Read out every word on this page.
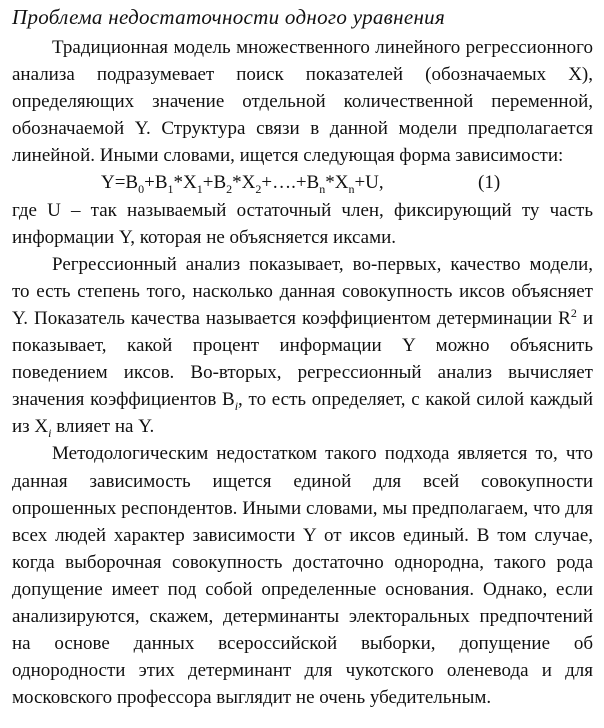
Проблема недостаточности одного уравнения

Традиционная модель множественного линейного регрессионного анализа подразумевает поиск показателей (обозначаемых X), определяющих значение отдельной количественной переменной, обозначаемой Y. Структура связи в данной модели предполагается линейной. Иными словами, ищется следующая форма зависимости:

$Y=B_0+B_1*X_1+B_2*X_2+\dots.+B_n*X_n+U$,	(1)

где U – так называемый остаточный член, фиксирующий ту часть информации Y, которая не объясняется иксами.

Регрессионный анализ показывает, во-первых, качество модели, то есть степень того, насколько данная совокупность иксов объясняет Y. Показатель качества называется коэффициентом детерминации $R^2$ и показывает, какой процент информации Y можно объяснить поведением иксов. Во-вторых, регрессионный анализ вычисляет значения коэффициентов $B_i$, то есть определяет, с какой силой каждый из $X_i$ влияет на Y.

Методологическим недостатком такого подхода является то, что данная зависимость ищется единой для всей совокупности опрошенных респондентов. Иными словами, мы предполагаем, что для всех людей характер зависимости Y от иксов единый. В том случае, когда выборочная совокупность достаточно однородна, такого рода допущение имеет под собой определенные основания. Однако, если анализируются, скажем, детерминанты электоральных предпочтений на основе данных всероссийской выборки, допущение об однородности этих детерминант для чукотского оленевода и для московского профессора выглядит не очень убедительным.
